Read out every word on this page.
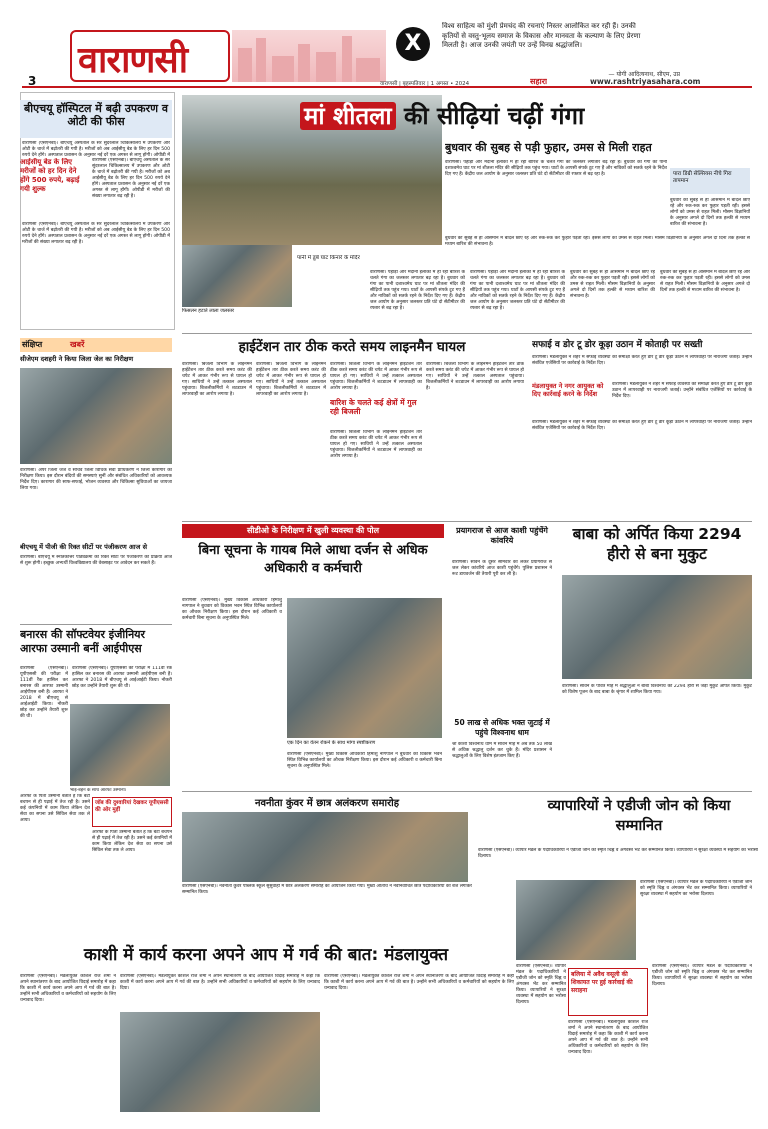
वाराणसी	X
विश्व साहित्य को मुंशी प्रेमचंद की रचनाएं निस्तर आलोकित कर रही हैं। उनकी कृतियों से वस्तु-भूलय समाज के विकास और मानवता के कल्याण के लिए प्रेरणा मिलती है। आज उनकी जयंती पर उन्हें विनम्र श्रद्धांजलि।
— योगी आदित्यनाथ, सीएम, उप्र
3	वाराणसी | बृहस्पतिवार | 1 अगस्त • 2024	सहारा	www.rashtriyasahara.com
बीएचयू हॉस्पिटल में बढ़ी उपकरण व ओटी की फीस
वाराणसी (एसएनबी)। बीएचयू अस्पताल के सर सुंदरलाल चिकित्सालय में उपकरण और ओटी के चार्ज में बढ़ोतरी की गयी है। मरीजों को अब आईसीयू बेड के लिए हर दिन 500 रुपये देने होंगे। अस्पताल प्रशासन के अनुसार नई दरें एक अगस्त से लागू होंगी। ओपीडी में
आईसीयू बेड के लिए मरीजों को हर दिन देने होंगे 500 रुपये, बढ़ाई गयी शुल्क
वाराणसी (एसएनबी)। बीएचयू अस्पताल के सर सुंदरलाल चिकित्सालय में उपकरण और ओटी के चार्ज में बढ़ोतरी की गयी है। मरीजों को अब आईसीयू बेड के लिए हर दिन 500 रुपये देने होंगे। अस्पताल प्रशासन के अनुसार नई दरें एक अगस्त से लागू होंगी। ओपीडी में मरीजों की संख्या लगातार बढ़ रही है।
वाराणसी (एसएनबी)। बीएचयू अस्पताल के सर सुंदरलाल चिकित्सालय में उपकरण और ओटी के चार्ज में बढ़ोतरी की गयी है। मरीजों को अब आईसीयू बेड के लिए हर दिन 500 रुपये देने होंगे। अस्पताल प्रशासन के अनुसार नई दरें एक अगस्त से लागू होंगी। ओपीडी में मरीजों की संख्या लगातार बढ़ रही है।
संक्षिप्त	खबरें
सीजेएम दशहरी ने किया जिला जेल का निरीक्षण
वाराणसी। अपर जिला जज व सचिव जिला विधिक सेवा प्राधिकरण ने जिला कारागार का निरीक्षण किया। इस दौरान बंदियों की समस्याएं सुनीं और संबंधित अधिकारियों को आवश्यक निर्देश दिए। कारागार की साफ-सफाई, भोजन व्यवस्था और चिकित्सा सुविधाओं का जायजा लिया गया।
बीएचयू में पीजी की रिक्त सीटों पर पंजीकरण आज से
वाराणसी। बीएचयू में स्नातकोत्तर पाठ्यक्रमों की रिक्त सीटों पर पंजीकरण की प्रक्रिया आज से शुरू होगी। इच्छुक अभ्यर्थी विश्वविद्यालय की वेबसाइट पर आवेदन कर सकते हैं।
बनारस की सॉफ्टवेयर इंजीनियर आरफा उस्मानी बनीं आईपीएस
वाराणसी (एसएनबी)। यूपीएससी की परीक्षा में 111वीं रैंक हासिल कर बनारस की आरफा उस्मानी आईपीएस बनी हैं। आरफा ने 2018 में बीएचयू से आईआईटी किया। नौकरी छोड़ कर उन्होंने तैयारी शुरू की थी।
वाराणसी (एसएनबी)। यूपीएससी की परीक्षा में 111वीं रैंक हासिल कर बनारस की आरफा उस्मानी आईपीएस बनी हैं। आरफा ने 2018 में बीएचयू से आईआईटी किया। नौकरी छोड़ कर उन्होंने तैयारी शुरू की थी।
भाई-बहन के साथ आरफा उस्मानी।
जॉब की दुश्वारियां देखकर यूपीएससी की ओर मुड़ीं
आरफा के पिता उस्मानी बताते हैं कि बेटी बचपन से ही पढ़ाई में तेज रही है। उसने कई कंपनियों में काम किया लेकिन देश सेवा का सपना उसे सिविल सेवा तक ले आया।
आरफा के पिता उस्मानी बताते हैं कि बेटी बचपन से ही पढ़ाई में तेज रही है। उसने कई कंपनियों में काम किया लेकिन देश सेवा का सपना उसे सिविल सेवा तक ले आया।
मां शीतला की सीढ़ियां चढ़ीं गंगा
बुधवार की सुबह से पड़ी फुहार, उमस से मिली राहत
वाराणसी। पहाड़ों और मैदानी इलाकों में हो रही बारिश के चलते गंगा का जलस्तर लगातार बढ़ रहा है। बुधवार को गंगा का पानी दशाश्वमेध घाट पर मां शीतला मंदिर की सीढ़ियों तक पहुंच गया। घाटों के आपसी संपर्क टूट गए हैं और नाविकों को सतर्क रहने के निर्देश दिए गए हैं। केंद्रीय जल आयोग के अनुसार जलस्तर प्रति घंटे दो सेंटीमीटर की रफ्तार से बढ़ रहा है।	पारा डिग्री सेल्सियस नीचे गिरा तापमान
बुधवार की सुबह से ही आसमान में बादल छाए रहे और रुक-रुक कर फुहार पड़ती रही। इससे लोगों को उमस से राहत मिली। मौसम विज्ञानियों के अनुसार अगले दो दिनों तक हल्की से मध्यम बारिश की संभावना है।
बुधवार की सुबह से ही आसमान में बादल छाए रहे और रुक-रुक कर फुहार पड़ती रही। इससे लोगों को उमस से राहत मिली। मौसम विज्ञानियों के अनुसार अगले दो दिनों तक हल्की से मध्यम बारिश की संभावना है।
पानी में डूबे घाट किनारे के मंदिर
फिसलन हटाते लाला जलस्तर
वाराणसी। पहाड़ों और मैदानी इलाकों में हो रही बारिश के चलते गंगा का जलस्तर लगातार बढ़ रहा है। बुधवार को गंगा का पानी दशाश्वमेध घाट पर मां शीतला मंदिर की सीढ़ियों तक पहुंच गया। घाटों के आपसी संपर्क टूट गए हैं और नाविकों को सतर्क रहने के निर्देश दिए गए हैं। केंद्रीय जल आयोग के अनुसार जलस्तर प्रति घंटे दो सेंटीमीटर की रफ्तार से बढ़ रहा है।
वाराणसी। पहाड़ों और मैदानी इलाकों में हो रही बारिश के चलते गंगा का जलस्तर लगातार बढ़ रहा है। बुधवार को गंगा का पानी दशाश्वमेध घाट पर मां शीतला मंदिर की सीढ़ियों तक पहुंच गया। घाटों के आपसी संपर्क टूट गए हैं और नाविकों को सतर्क रहने के निर्देश दिए गए हैं। केंद्रीय जल आयोग के अनुसार जलस्तर प्रति घंटे दो सेंटीमीटर की रफ्तार से बढ़ रहा है।
बुधवार की सुबह से ही आसमान में बादल छाए रहे और रुक-रुक कर फुहार पड़ती रही। इससे लोगों को उमस से राहत मिली। मौसम विज्ञानियों के अनुसार अगले दो दिनों तक हल्की से मध्यम बारिश की संभावना है।
बुधवार की सुबह से ही आसमान में बादल छाए रहे और रुक-रुक कर फुहार पड़ती रही। इससे लोगों को उमस से राहत मिली। मौसम विज्ञानियों के अनुसार अगले दो दिनों तक हल्की से मध्यम बारिश की संभावना है।
हाईटेंशन तार ठीक करते समय लाइनमैन घायल
वाराणसी। बिजली विभाग के लाइनमैन हाईटेंशन तार ठीक करते समय करंट की चपेट में आकर गंभीर रूप से घायल हो गए। साथियों ने उन्हें तत्काल अस्पताल पहुंचाया। बिजलीकर्मियों ने शटडाउन में लापरवाही का आरोप लगाया है।
वाराणसी। बिजली विभाग के लाइनमैन हाईटेंशन तार ठीक करते समय करंट की चपेट में आकर गंभीर रूप से घायल हो गए। साथियों ने उन्हें तत्काल अस्पताल पहुंचाया। बिजलीकर्मियों ने शटडाउन में लापरवाही का आरोप लगाया है।
वाराणसी। बिजली विभाग के लाइनमैन हाईटेंशन तार ठीक करते समय करंट की चपेट में आकर गंभीर रूप से घायल हो गए। साथियों ने उन्हें तत्काल अस्पताल पहुंचाया। बिजलीकर्मियों ने शटडाउन में लापरवाही का आरोप लगाया है।
बारिश के चलते कई क्षेत्रों में गुल रही बिजली
वाराणसी। बिजली विभाग के लाइनमैन हाईटेंशन तार ठीक करते समय करंट की चपेट में आकर गंभीर रूप से घायल हो गए। साथियों ने उन्हें तत्काल अस्पताल पहुंचाया। बिजलीकर्मियों ने शटडाउन में लापरवाही का आरोप लगाया है।
वाराणसी। बिजली विभाग के लाइनमैन हाईटेंशन तार ठीक करते समय करंट की चपेट में आकर गंभीर रूप से घायल हो गए। साथियों ने उन्हें तत्काल अस्पताल पहुंचाया। बिजलीकर्मियों ने शटडाउन में लापरवाही का आरोप लगाया है।
सफाई व डोर टू डोर कूड़ा उठान में कोताही पर सख्ती
वाराणसी। मंडलायुक्त ने शहर में सफाई व्यवस्था की समीक्षा करते हुए डोर टू डोर कूड़ा उठान में लापरवाही पर नाराजगी जताई। उन्होंने संबंधित एजेंसियों पर कार्रवाई के निर्देश दिए।
मंडलायुक्त ने नगर आयुक्त को दिए कार्रवाई करने के निर्देश
वाराणसी। मंडलायुक्त ने शहर में सफाई व्यवस्था की समीक्षा करते हुए डोर टू डोर कूड़ा उठान में लापरवाही पर नाराजगी जताई। उन्होंने संबंधित एजेंसियों पर कार्रवाई के निर्देश दिए।
वाराणसी। मंडलायुक्त ने शहर में सफाई व्यवस्था की समीक्षा करते हुए डोर टू डोर कूड़ा उठान में लापरवाही पर नाराजगी जताई। उन्होंने संबंधित एजेंसियों पर कार्रवाई के निर्देश दिए।
सीडीओ के निरीक्षण में खुली व्यवस्था की पोल
बिना सूचना के गायब मिले आधा दर्जन से अधिक अधिकारी व कर्मचारी
वाराणसी (एसएनबी)। मुख्य विकास अधिकारी हिमांशु नागपाल ने बुधवार को विकास भवन स्थित विभिन्न कार्यालयों का औचक निरीक्षण किया। इस दौरान कई अधिकारी व कर्मचारी बिना सूचना के अनुपस्थित मिले।
एक दिन का वेतन रोकने के साथ मांगा स्पष्टीकरण
वाराणसी (एसएनबी)। मुख्य विकास अधिकारी हिमांशु नागपाल ने बुधवार को विकास भवन स्थित विभिन्न कार्यालयों का औचक निरीक्षण किया। इस दौरान कई अधिकारी व कर्मचारी बिना सूचना के अनुपस्थित मिले।
प्रयागराज से आज काशी पहुंचेंगे कांवरिये
वाराणसी। सावन के दूसरे सोमवार को लेकर प्रयागराज से जल लेकर कांवरिये आज काशी पहुंचेंगे। पुलिस प्रशासन ने रूट डायवर्जन की तैयारी पूरी कर ली है।
50 लाख से अधिक भक्त जुटाई में पहुंचे विश्वनाथ धाम
श्री काशी विश्वनाथ धाम में सावन माह में अब तक 50 लाख से अधिक श्रद्धालु दर्शन कर चुके हैं। मंदिर प्रशासन ने श्रद्धालुओं के लिए विशेष इंतजाम किए हैं।
बाबा को अर्पित किया 2294 हीरो से बना मुकुट
वाराणसी। सावन के पवित्र माह में श्रद्धालुओं ने बाबा विश्वनाथ को 2294 हीरों से जड़ा मुकुट अर्पित किया। मुकुट को विशेष पूजन के बाद बाबा के श्रृंगार में शामिल किया गया।
नवनीता कुंवर में छात्र अलंकरण समारोह
वाराणसी (एसएनबी)। नवनीता कुंवर पब्लिक स्कूल सुसुवाही में छात्र अलंकरण समारोह का आयोजन किया गया। मुख्य अतिथि ने नवनिर्वाचित छात्र पदाधिकारियों को बैज लगाकर सम्मानित किया।
व्यापारियों ने एडीजी जोन को किया सम्मानित
वाराणसी (एसएनबी)। व्यापार मंडल के पदाधिकारियों ने एडीजी जोन को स्मृति चिह्न व अंगवस्त्र भेंट कर सम्मानित किया। व्यापारियों ने सुरक्षा व्यवस्था में सहयोग का भरोसा दिलाया।
वाराणसी (एसएनबी)। व्यापार मंडल के पदाधिकारियों ने एडीजी जोन को स्मृति चिह्न व अंगवस्त्र भेंट कर सम्मानित किया। व्यापारियों ने सुरक्षा व्यवस्था में सहयोग का भरोसा दिलाया।
काशी में कार्य करना अपने आप में गर्व की बात: मंडलायुक्त
वाराणसी (एसएनबी)। मंडलायुक्त कौशल राज शर्मा ने अपने स्थानांतरण के बाद आयोजित विदाई समारोह में कहा कि काशी में कार्य करना अपने आप में गर्व की बात है। उन्होंने सभी अधिकारियों व कर्मचारियों को सहयोग के लिए धन्यवाद दिया।
वाराणसी (एसएनबी)। मंडलायुक्त कौशल राज शर्मा ने अपने स्थानांतरण के बाद आयोजित विदाई समारोह में कहा कि काशी में कार्य करना अपने आप में गर्व की बात है। उन्होंने सभी अधिकारियों व कर्मचारियों को सहयोग के लिए धन्यवाद दिया।
वाराणसी (एसएनबी)। मंडलायुक्त कौशल राज शर्मा ने अपने स्थानांतरण के बाद आयोजित विदाई समारोह में कहा कि काशी में कार्य करना अपने आप में गर्व की बात है। उन्होंने सभी अधिकारियों व कर्मचारियों को सहयोग के लिए धन्यवाद दिया।
बलिया में अवैध वसूली की शिकायत पर हुई कार्रवाई की सराहना
वाराणसी (एसएनबी)। व्यापार मंडल के पदाधिकारियों ने एडीजी जोन को स्मृति चिह्न व अंगवस्त्र भेंट कर सम्मानित किया। व्यापारियों ने सुरक्षा व्यवस्था में सहयोग का भरोसा दिलाया।
वाराणसी (एसएनबी)। व्यापार मंडल के पदाधिकारियों ने एडीजी जोन को स्मृति चिह्न व अंगवस्त्र भेंट कर सम्मानित किया। व्यापारियों ने सुरक्षा व्यवस्था में सहयोग का भरोसा दिलाया।
वाराणसी (एसएनबी)। मंडलायुक्त कौशल राज शर्मा ने अपने स्थानांतरण के बाद आयोजित विदाई समारोह में कहा कि काशी में कार्य करना अपने आप में गर्व की बात है। उन्होंने सभी अधिकारियों व कर्मचारियों को सहयोग के लिए धन्यवाद दिया।
